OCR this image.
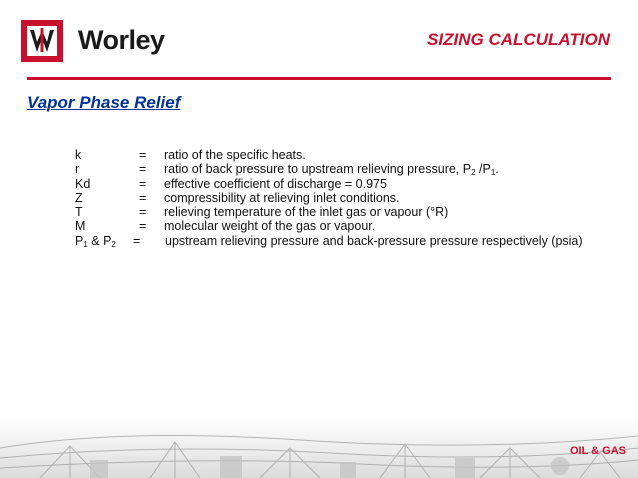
Worley	SIZING CALCULATION
Vapor Phase Relief
k	= ratio of the specific heats.
r	= ratio of back pressure to upstream relieving pressure, $P_2$ $/P_1$.
Kd	= effective coefficient of discharge = 0.975
Z	= compressibility at relieving inlet conditions.
T	= relieving temperature of the inlet gas or vapour (°R)
M	= molecular weight of the gas or vapour.
$P_1$ & $P_2$ = upstream relieving pressure and back-pressure pressure respectively (psia)
OIL & GAS
